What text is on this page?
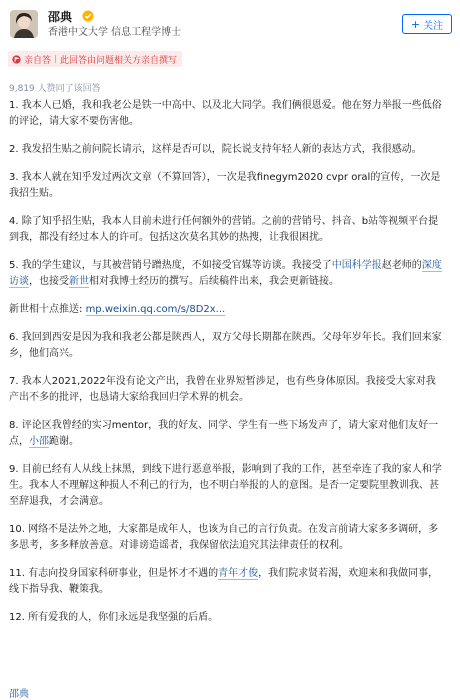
邵典
香港中文大学 信息工程学博士
+ 关注
亲自答 此回答由问题相关方亲自撰写
9,819 人赞同了该回答

1. 我本人已婚，我和我老公是铁一中高中、以及北大同学。我们俩很恩爱。他在努力举报一些低俗的评论，请大家不要伤害他。

2. 我发招生贴之前问院长请示，这样是否可以，院长说支持年轻人新的表达方式，我很感动。

3. 我本人就在知乎发过两次文章（不算回答），一次是我finegym2020 cvpr oral的宣传，一次是我招生贴。

4. 除了知乎招生贴，我本人目前未进行任何额外的营销。之前的营销号、抖音、b站等视频平台提到我，都没有经过本人的许可。包括这次莫名其妙的热搜，让我很困扰。

5. 我的学生建议，与其被营销号蹭热度，不如接受官媒等访谈。我接受了中国科学报赵老师的深度访谈，也接受新世相对我博士经历的撰写。后续稿件出来，我会更新链接。

新世相十点推送: mp.weixin.qq.com/s/8D2x...

6. 我回到西安是因为我和我老公都是陕西人，双方父母长期都在陕西。父母年岁年长。我们回来家乡，他们高兴。

7. 我本人2021,2022年没有论文产出，我曾在业界短暂涉足，也有些身体原因。我接受大家对我产出不多的批评，也恳请大家给我回归学术界的机会。

8. 评论区我曾经的实习mentor，我的好友、同学、学生有一些下场发声了，请大家对他们友好一点，小邵跪谢。

9. 目前已经有人从线上抹黑，到线下进行恶意举报，影响到了我的工作，甚至牵连了我的家人和学生。我本人不理解这种损人不利己的行为，也不明白举报的人的意图。是否一定要院里教训我、甚至辞退我，才会满意。

10. 网络不是法外之地，大家都是成年人，也该为自己的言行负责。在发言前请大家多多调研，多多思考，多多释放善意。对诽谤造谣者，我保留依法追究其法律责任的权利。

11. 有志向投身国家科研事业，但是怀才不遇的青年才俊，我们院求贤若渴，欢迎来和我做同事，线下指导我、鞭策我。

12. 所有爱我的人，你们永远是我坚强的后盾。

邵典
